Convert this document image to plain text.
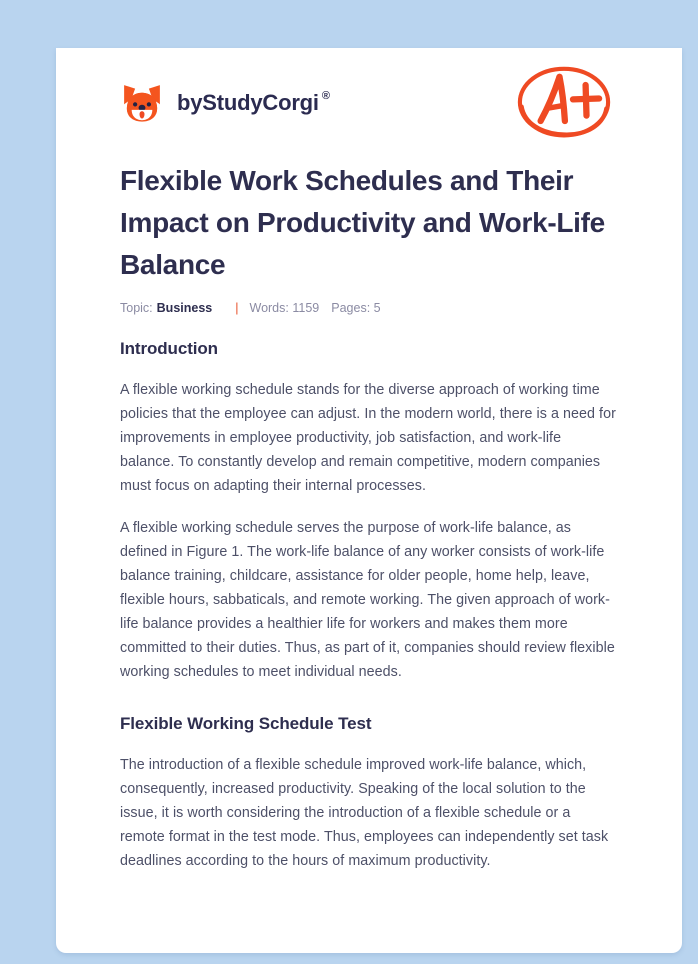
by StudyCorgi ®
Flexible Work Schedules and Their Impact on Productivity and Work-Life Balance
Topic: Business | Words: 1159 Pages: 5
Introduction

A flexible working schedule stands for the diverse approach of working time policies that the employee can adjust. In the modern world, there is a need for improvements in employee productivity, job satisfaction, and work-life balance. To constantly develop and remain competitive, modern companies must focus on adapting their internal processes.

A flexible working schedule serves the purpose of work-life balance, as defined in Figure 1. The work-life balance of any worker consists of work-life balance training, childcare, assistance for older people, home help, leave, flexible hours, sabbaticals, and remote working. The given approach of work-life balance provides a healthier life for workers and makes them more committed to their duties. Thus, as part of it, companies should review flexible working schedules to meet individual needs.

Flexible Working Schedule Test

The introduction of a flexible schedule improved work-life balance, which, consequently, increased productivity. Speaking of the local solution to the issue, it is worth considering the introduction of a flexible schedule or a remote format in the test mode. Thus, employees can independently set task deadlines according to the hours of maximum productivity.
